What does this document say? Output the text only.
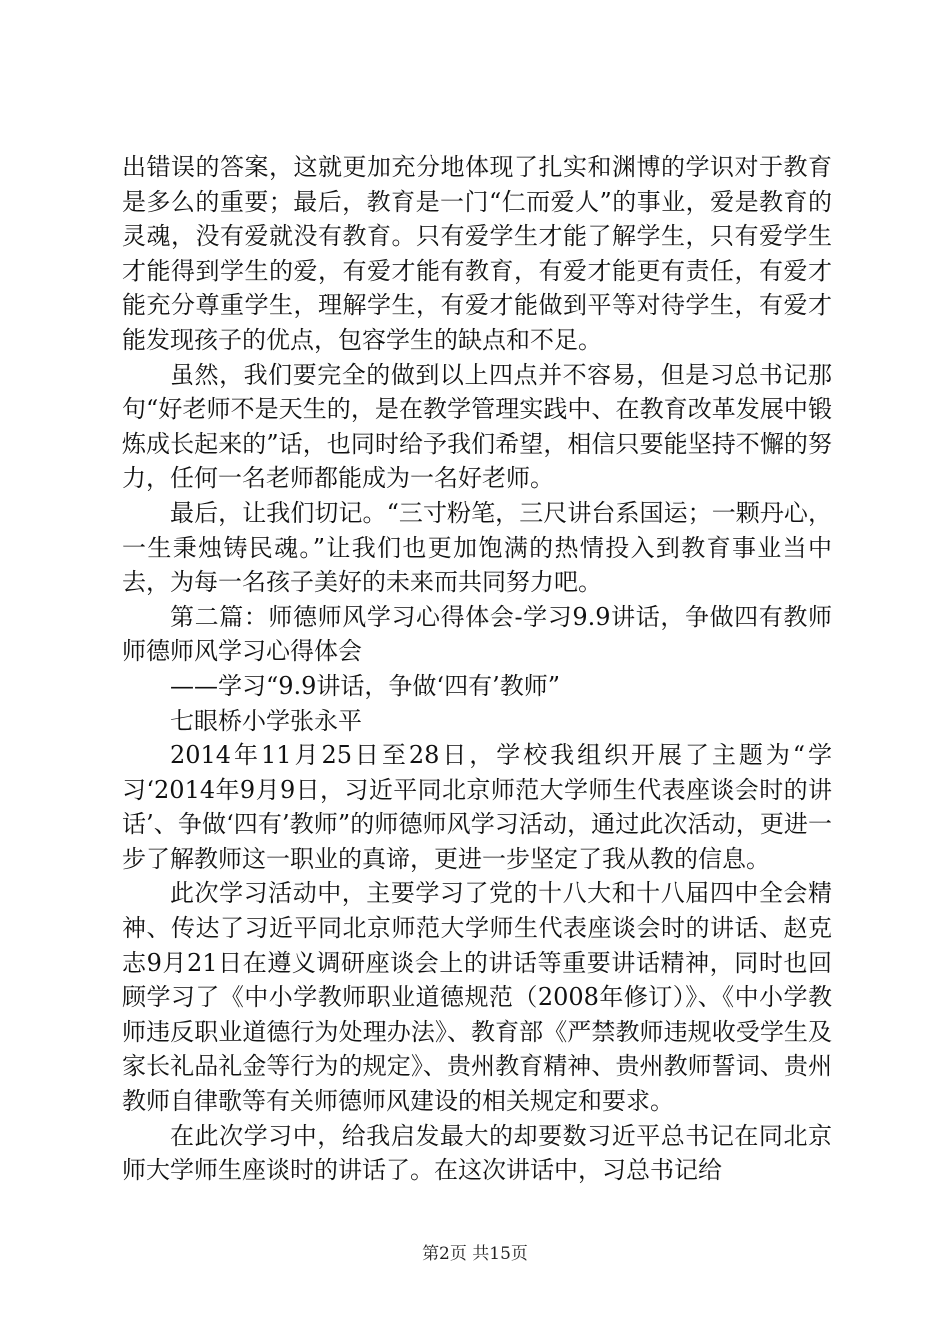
出错误的答案，这就更加充分地体现了扎实和渊博的学识对于教育是多么的重要；最后，教育是一门“仁而爱人”的事业，爱是教育的灵魂，没有爱就没有教育。只有爱学生才能了解学生，只有爱学生才能得到学生的爱，有爱才能有教育，有爱才能更有责任，有爱才能充分尊重学生，理解学生，有爱才能做到平等对待学生，有爱才能发现孩子的优点，包容学生的缺点和不足。

虽然，我们要完全的做到以上四点并不容易，但是习总书记那句“好老师不是天生的，是在教学管理实践中、在教育改革发展中锻炼成长起来的”话，也同时给予我们希望，相信只要能坚持不懈的努力，任何一名老师都能成为一名好老师。

最后，让我们切记。“三寸粉笔，三尺讲台系国运；一颗丹心，一生秉烛铸民魂。”让我们也更加饱满的热情投入到教育事业当中去，为每一名孩子美好的未来而共同努力吧。

第二篇：师德师风学习心得体会-学习9.9讲话，争做四有教师师德师风学习心得体会

——学习“9.9讲话，争做‘四有’教师”

七眼桥小学张永平

2014年11月25日至28日，学校我组织开展了主题为“学习‘2014年9月9日，习近平同北京师范大学师生代表座谈会时的讲话’、争做‘四有’教师”的师德师风学习活动，通过此次活动，更进一步了解教师这一职业的真谛，更进一步坚定了我从教的信息。

此次学习活动中，主要学习了党的十八大和十八届四中全会精神、传达了习近平同北京师范大学师生代表座谈会时的讲话、赵克志9月21日在遵义调研座谈会上的讲话等重要讲话精神，同时也回顾学习了《中小学教师职业道德规范（2008年修订）》、《中小学教师违反职业道德行为处理办法》、教育部《严禁教师违规收受学生及家长礼品礼金等行为的规定》、贵州教育精神、贵州教师誓词、贵州教师自律歌等有关师德师风建设的相关规定和要求。

在此次学习中，给我启发最大的却要数习近平总书记在同北京师大学师生座谈时的讲话了。在这次讲话中，习总书记给

第2页 共15页
